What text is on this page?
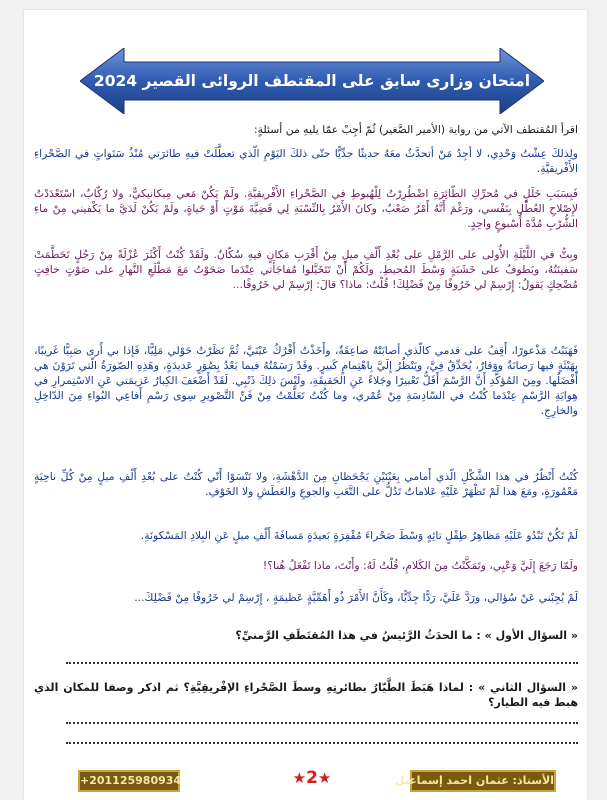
امتحان وزارى سابق على المقتطف الروائى القصير 2024
اقرأ المُقتطف الآتي من رواية (الأمير الصَّغير) ثُمّ أجِبْ عمّا يليهِ من أسئلةٍ:
ولِذلكَ عِشْتُ وَحْدِي، لا أجِدُ مَنْ أتحدَّثُ معَهُ حديثًا جدِّيًّا حتّى ذلكَ اليَوْمِ الّذي تعطَّلَتْ فيهِ طائرَتي مُنْذُ سَنَواتٍ في الصَّحْراءِ الأَفْريقيَّةِ.
فَبِسَبَبِ خَلَلٍ في مُحرِّكِ الطّائِرَةِ اضْطُرِرْتُ لِلْهُبوطِ في الصَّحْراءِ الأَفْريقيَّةِ. ولَمْ يَكُنْ مَعي مِيكانيكيٌّ، ولا رُكّابٌ، اسْتَعْدَدْتُ لإِصْلاحِ العُطْلِ بِنَفْسي، ورَغْمَ أَنَّهُ أَمْرٌ صَعْبٌ، وكانَ الأَمْرُ بِالنِّسْبَةِ لِي قَضِيَّةَ مَوْتٍ أَوْ حَياةٍ، ولَمْ يَكُنْ لَدَيَّ ما يَكْفيني مِنْ ماءِ الشُّرْبِ مُدَّةَ أُسْبوعٍ واحِدٍ.
وبِتُّ في اللَّيْلَةِ الأُولى على الرَّمْلِ على بُعْدِ أَلْفِ ميلٍ مِنْ أَقْرَبِ مَكانٍ فيهِ سُكّانٌ. ولَقَدْ كُنْتُ أَكْثَرَ عُزْلَةً مِنْ رَجُلٍ تَحَطَّمَتْ سَفينَتُهُ، ويَطوفُ على خَشَبَةٍ وَسْطَ المُحيطِ. ولَكُمْ أَنْ تَتَخَيَّلوا مُفاجَأَتي عِنْدَما صَحَوْتُ مَعَ مَطْلَعِ النَّهارِ على صَوْتٍ خافِتٍ مُضْحِكٍ يَقولُ: إِرْسِمْ لي خَرُوفًا مِنْ فَضْلِكَ! قُلْتُ: ماذا؟ قالَ: إرْسِمْ لي خَرُوفًا...
فَهَبَبْتُ مَذْعورًا، أَقِفُ على قدمي كالّذي أصابَتْهُ صاعِقَةٌ، وأَخَذْتُ أَفْرُكُ عَيْنَيَّ، ثُمَّ نَظَرْتُ حَوْلي مَلِيًّا، فَإذا بي أَرى صَبِيًّا غَريبًا، بِهَيْئَةٍ فيها رَصانَةٌ ووَقارٌ، يُحَدِّقُ فِيَّ، ويَنْظُرُ إِلَيَّ بِاهْتِمامٍ كَبيرٍ. وقَدْ رَسَمْتُهُ فيما بَعْدُ بِصُوَرٍ عَديدَةٍ، وهَذِهِ الصّورَةُ الّتي تَرَوْنَ هي أَفْضَلُها. ومِنَ المُؤكَّدِ أَنَّ الرَّسْمَ أَقَلُّ تَعْبيرًا وجَلاءً عَنِ الحَقيقَةِ، ولَيْسَ ذلِكَ ذَنْبِي. لَقَدْ أَضْعَفَ الكِبارُ عَزيمَتي عَنِ الاسْتِمرارِ في هِوايَةِ الرَّسْمِ عِنْدَما كُنْتُ في السّادِسَةِ مِنْ عُمْري، وما كُنْتُ تَعَلَّمْتُ مِنْ فَنِّ التَّصْويرِ سِوى رَسْمِ أَفاعِي البُواءِ مِنَ الدّاخِلِ والخارِجِ.
كُنْتُ أَنْظُرُ في هذا الشَّكْلِ الّذي أَمامي بِعَيْنَيْنِ يَجْحَظانِ مِنَ الدَّهْشَةِ، ولا تَنْسَوْا أَنّي كُنْتُ على بُعْدِ أَلْفِ ميلٍ مِنْ كُلِّ ناحِيَةٍ مَعْمُورَةٍ، ومَعَ هذا لَمْ تَظْهَرْ عَلَيْهِ عَلاماتٌ تَدُلُّ على التَّعَبِ والجوعِ والعَطَشِ ولا الخَوْفِ.
لَمْ تَكُنْ تَبْدُو عَلَيْهِ مَظاهِرُ طِفْلٍ تائِهٍ وَسْطَ صَحْراءَ مُقْفِرَةٍ بَعيدَةٍ مَسافَةَ أَلْفِ ميلٍ عَنِ البِلادِ المَسْكونَةِ.
ولَمّا رَجَعَ إِلَيَّ وَعْيِي، وتَمَكَّنْتُ مِنَ الكَلامِ، قُلْتُ لَهُ: وأَنْتَ، ماذا تَفْعَلُ هُنا؟!
لَمْ يُجِبْني عَنْ سُؤالي، ورَدَّ عَلَيَّ، رَدًّا جِدِّيًّا، وكَأَنَّ الأَمْرَ ذُو أَهَمِّيَّةٍ عَظيمَةٍ ، إِرْسِمْ لي خَرُوفًا مِنْ فَضْلِكَ...
« السؤال الأول » : ما الحدَثُ الرَّئيسُ في هذا المُقتَطَفِ الرَّمنيِّ؟
« السؤال الثاني » : لماذا هَبَطَ الطَّيّارُ بطائرتِهِ وسطَ الصَّحْراءِ الإفْريقِيَّةِ؟ ثم اذكر وصفا للمكان الذي هبط فيه الطيار؟
+201125980934	★2★	الأستاذ: عثمان احمد إسماعيل
